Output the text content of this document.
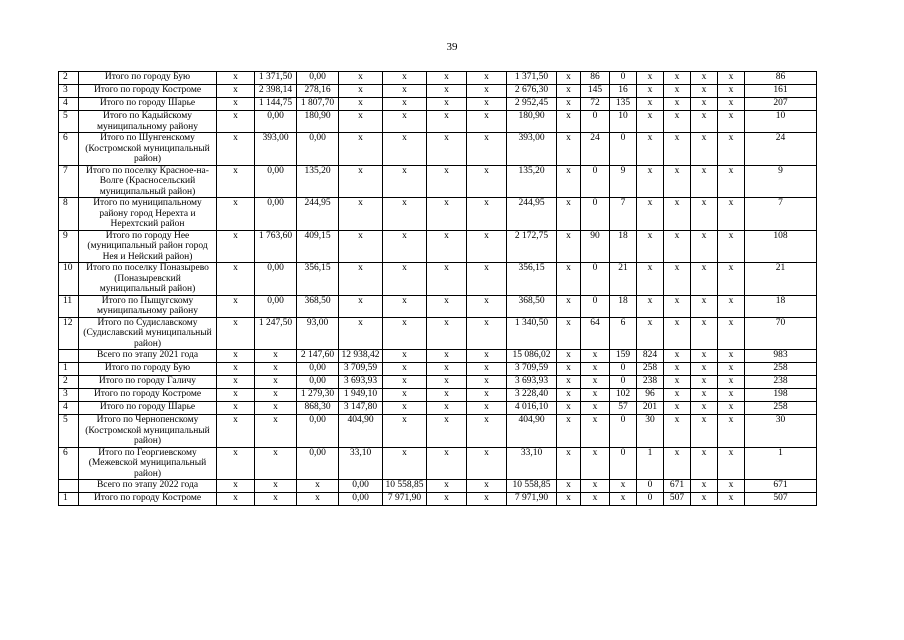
39
2	Итого по городу Бую	x	1 371,50	0,00	x	x	x	x	1 371,50	x	86	0	x	x	x	x	86
3	Итого по городу Костроме	x	2 398,14	278,16	x	x	x	x	2 676,30	x	145	16	x	x	x	x	161
4	Итого по городу Шарье	x	1 144,75	1 807,70	x	x	x	x	2 952,45	x	72	135	x	x	x	x	207
5	Итого по Кадыйскому муниципальному району	x	0,00	180,90	x	x	x	x	180,90	x	0	10	x	x	x	x	10
6	Итого по Шунгенскому (Костромской муниципальный район)	x	393,00	0,00	x	x	x	x	393,00	x	24	0	x	x	x	x	24
7	Итого по поселку Красное-на-Волге (Красносельский муниципальный район)	x	0,00	135,20	x	x	x	x	135,20	x	0	9	x	x	x	x	9
8	Итого по муниципальному району город Нерехта и Нерехтский район	x	0,00	244,95	x	x	x	x	244,95	x	0	7	x	x	x	x	7
9	Итого по городу Нее (муниципальный район город Нея и Нейский район)	x	1 763,60	409,15	x	x	x	x	2 172,75	x	90	18	x	x	x	x	108
10	Итого по поселку Поназырево (Поназыревский муниципальный район)	x	0,00	356,15	x	x	x	x	356,15	x	0	21	x	x	x	x	21
11	Итого по Пыщугскому муниципальному району	x	0,00	368,50	x	x	x	x	368,50	x	0	18	x	x	x	x	18
12	Итого по Судиславскому (Судиславский муниципальный район)	x	1 247,50	93,00	x	x	x	x	1 340,50	x	64	6	x	x	x	x	70
	Всего по этапу 2021 года	x	x	2 147,60	12 938,42	x	x	x	15 086,02	x	x	159	824	x	x	x	983
1	Итого по городу Бую	x	x	0,00	3 709,59	x	x	x	3 709,59	x	x	0	258	x	x	x	258
2	Итого по городу Галичу	x	x	0,00	3 693,93	x	x	x	3 693,93	x	x	0	238	x	x	x	238
3	Итого по городу Костроме	x	x	1 279,30	1 949,10	x	x	x	3 228,40	x	x	102	96	x	x	x	198
4	Итого по городу Шарье	x	x	868,30	3 147,80	x	x	x	4 016,10	x	x	57	201	x	x	x	258
5	Итого по Чернопенскому (Костромской муниципальный район)	x	x	0,00	404,90	x	x	x	404,90	x	x	0	30	x	x	x	30
6	Итого по Георгиевскому (Межевской муниципальный район)	x	x	0,00	33,10	x	x	x	33,10	x	x	0	1	x	x	x	1
	Всего по этапу 2022 года	x	x	x	0,00	10 558,85	x	x	10 558,85	x	x	x	0	671	x	x	671
1	Итого по городу Костроме	x	x	x	0,00	7 971,90	x	x	7 971,90	x	x	x	0	507	x	x	507
